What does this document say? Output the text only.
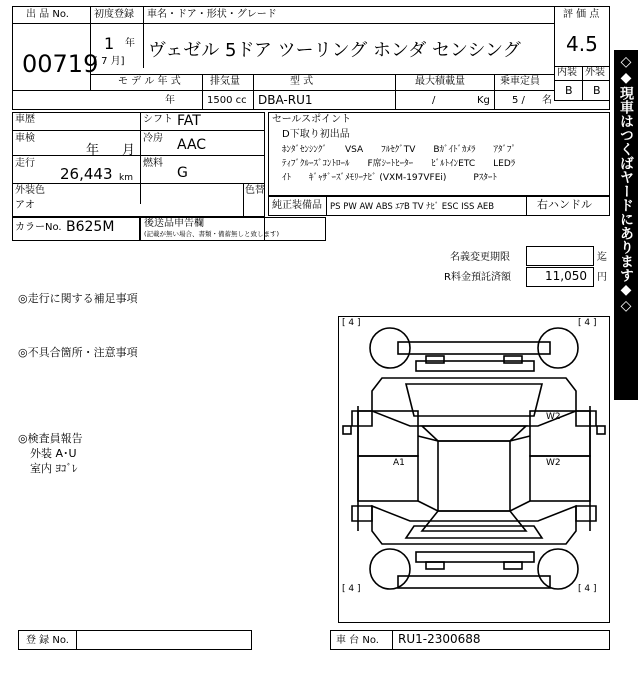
出 品 No.
00719
初度登録
1 年
[ 7 月]
車名・ドア・形状・グレード
ヴェゼル 5ドア ツーリング ホンダ センシング
評 価 点
4.5
内装 外装
B B
モ デ ル 年 式	排気量	型 式	最大積載量	乗車定員
年	1500 cc DBA-RU1	/	Kg 5 / 名
車歴
車検
年 月
走行
26,443 km
シフト FAT
冷房 AAC
燃料
G
外装色
アオ
色替
カラーNo. B625M	後送品申告欄
(記載が無い場合、書類・備蓄無しと致します)
セールスポイント
D下取り初出品
ﾎﾝﾀﾞｾﾝｼﾝｸﾞ　　VSA　　ﾌﾙｾｸﾞTV　　Bｶﾞｲﾄﾞｶﾒﾗ　　ｱﾀﾞﾌﾟ
ﾃｨﾌﾞｸﾙｰｽﾞｺﾝﾄﾛｰﾙ　　F席ｼｰﾄﾋｰﾀｰ　　ﾋﾞﾙﾄｲﾝETC　　LEDﾗ
ｲﾄ　　ｷﾞｬｻﾞｰｽﾞﾒﾓﾘｰﾅﾋﾞ (VXM-197VFEi)　　　Pｽﾀｰﾄ
純正装備品 PS PW AW ABS ｴｱB TV ﾅﾋﾞ ESC ISS AEB	右ハンドル
名義変更期限	迄
R料金預託済額	11,050 円
◎走行に関する補足事項
◎不具合箇所・注意事項
◎検査員報告
外装 A･U
室内 ﾖｺﾞﾚ
[ 4 ]	[ 4 ]
[ 4 ]	[ 4 ]
W2
A1	W2
登 録 No.	車 台 No. RU1-2300688
◇◆現車はつくばヤードにあります◆◇
